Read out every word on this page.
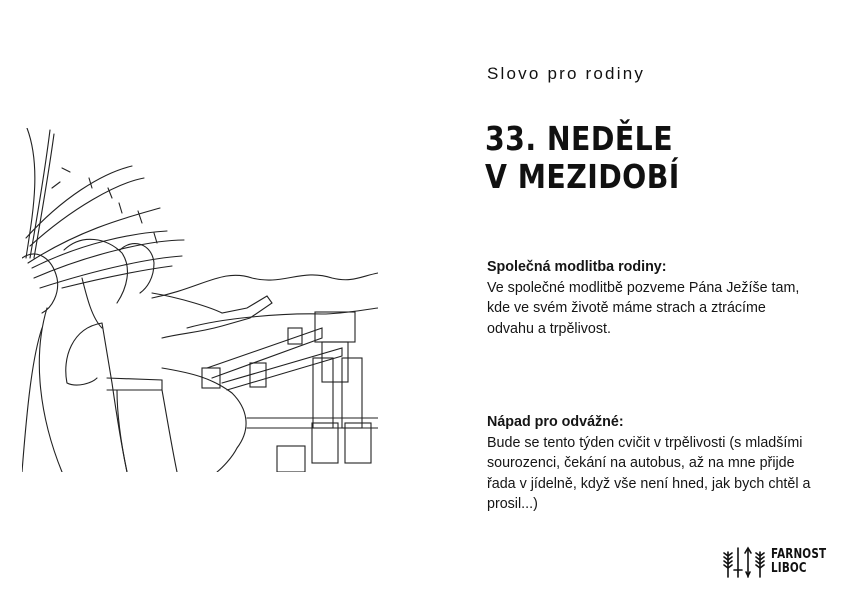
Slovo pro rodiny
33. NEDĚLE
V MEZIDOBÍ
Společná modlitba rodiny:
Ve společné modlitbě pozveme Pána Ježíše tam,
kde ve svém životě máme strach a ztrácíme
odvahu a trpělivost.
Nápad pro odvážné:
Bude se tento týden cvičit v trpělivosti (s mladšími
sourozenci, čekání na autobus, až na mne přijde
řada v jídelně, když vše není hned, jak bych chtěl a
prosil...)
FARNOST
LIBOC
